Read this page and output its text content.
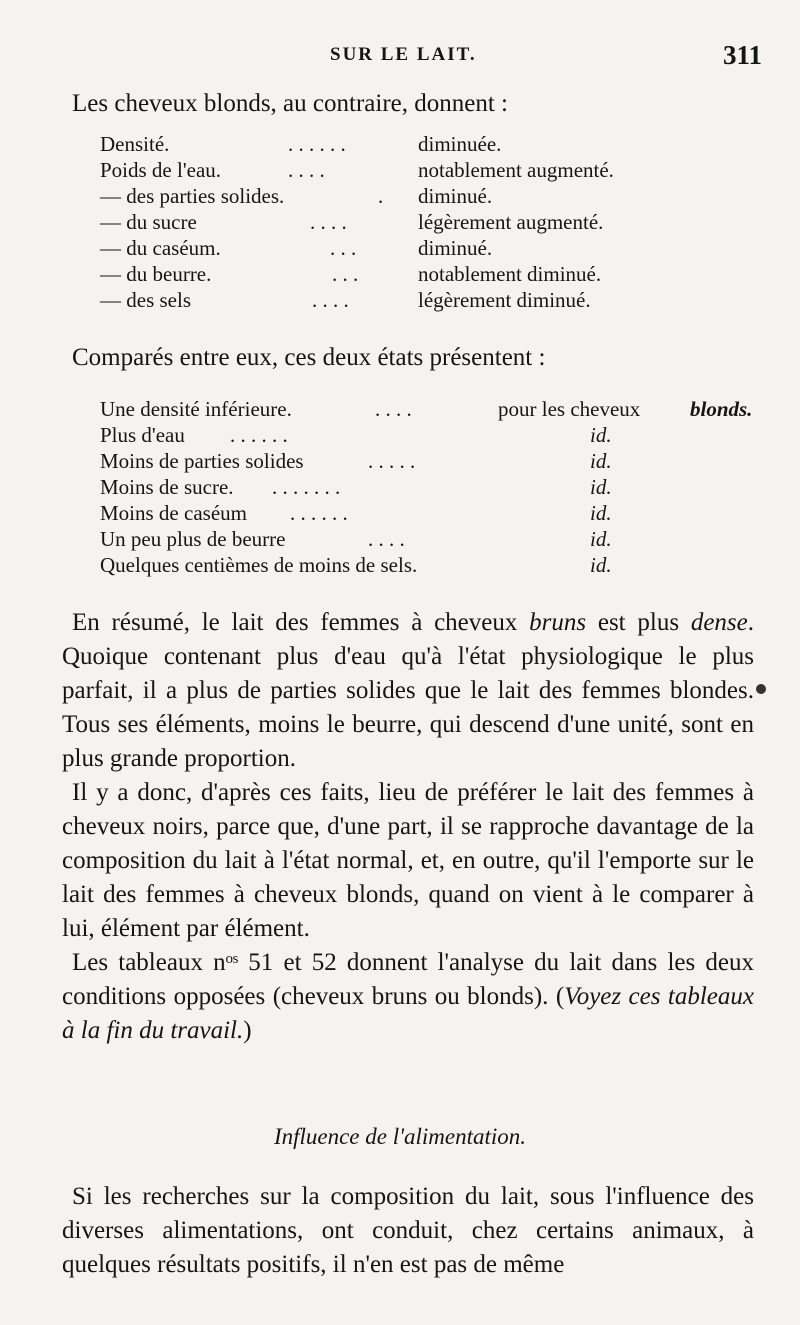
SUR LE LAIT.	311
Les cheveux blonds, au contraire, donnent :
Densité.	. . . . . .	diminuée.
Poids de l'eau.	. . . .	notablement augmenté.
— des parties solides.	. diminué.
— du sucre	. . . .	légèrement augmenté.
— du caséum.	. . .	diminué.
— du beurre.	. . .	notablement diminué.
— des sels	. . . .	légèrement diminué.
Comparés entre eux, ces deux états présentent :
Une densité inférieure.	. . . .	pour les cheveux blonds.
Plus d'eau . . . . . .	id.
Moins de parties solides	. . . . .	id.
Moins de sucre. . . . . . . .	id.
Moins de caséum . . . . . .	id.
Un peu plus de beurre	. . . .	id.
Quelques centièmes de moins de sels.	id.

En résumé, le lait des femmes à cheveux bruns est plus dense. Quoique contenant plus d'eau qu'à l'état physiologique le plus parfait, il a plus de parties solides que le lait des femmes blondes. Tous ses éléments, moins le beurre, qui descend d'une unité, sont en plus grande proportion.

Il y a donc, d'après ces faits, lieu de préférer le lait des femmes à cheveux noirs, parce que, d'une part, il se rapproche davantage de la composition du lait à l'état normal, et, en outre, qu'il l'emporte sur le lait des femmes à cheveux blonds, quand on vient à le comparer à lui, élément par élément.

Les tableaux nᵒˢ 51 et 52 donnent l'analyse du lait dans les deux conditions opposées (cheveux bruns ou blonds). (Voyez ces tableaux à la fin du travail.)

Influence de l'alimentation.

Si les recherches sur la composition du lait, sous l'influence des diverses alimentations, ont conduit, chez certains animaux, à quelques résultats positifs, il n'en est pas de même
